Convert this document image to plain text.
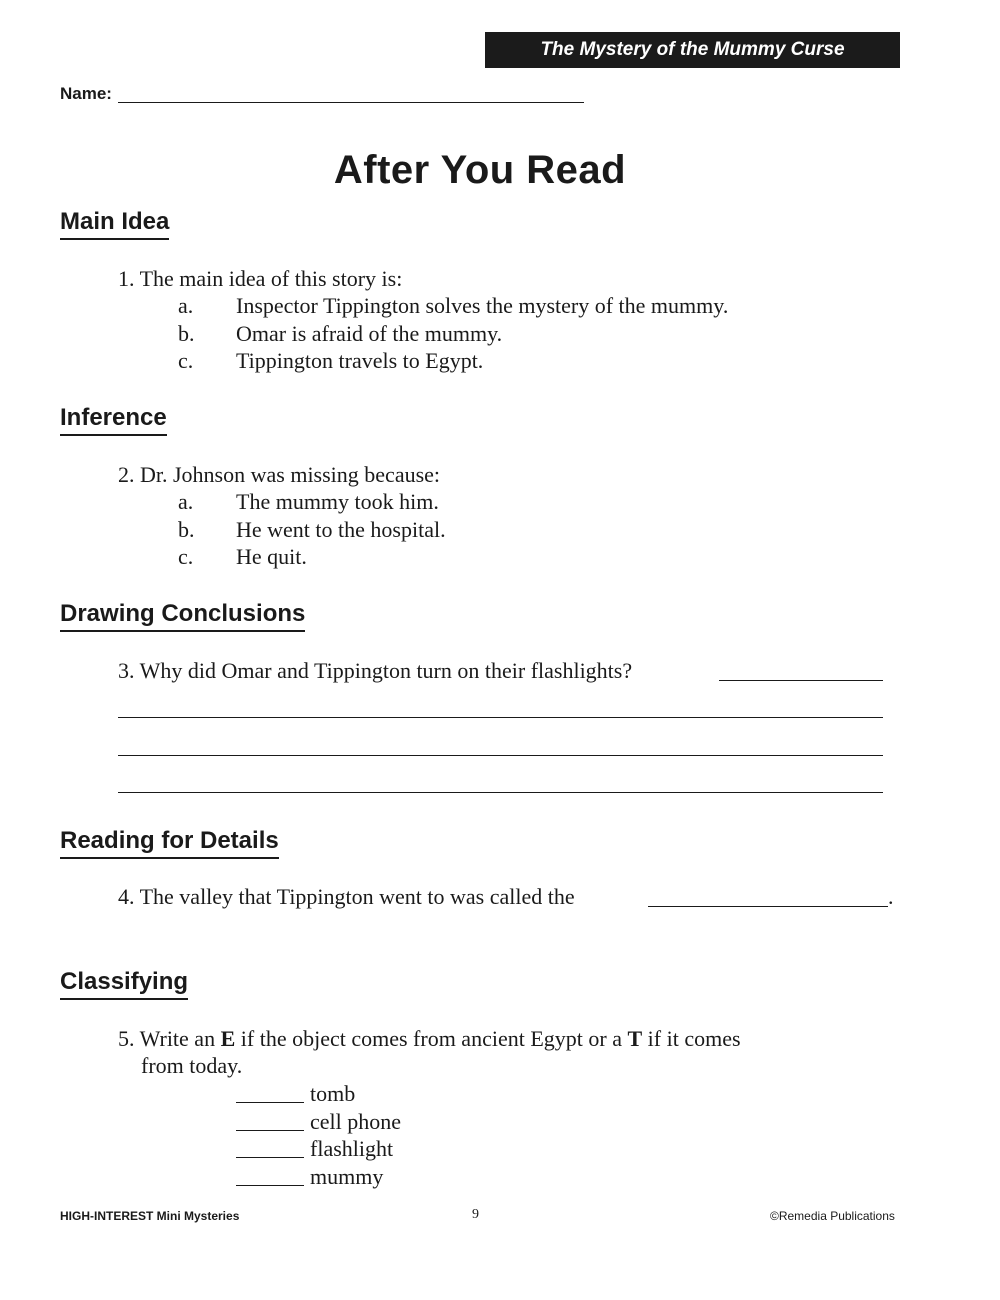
The Mystery of the Mummy Curse
Name:
After You Read
Main Idea
1. The main idea of this story is:
a. Inspector Tippington solves the mystery of the mummy.
b. Omar is afraid of the mummy.
c. Tippington travels to Egypt.
Inference
2. Dr. Johnson was missing because:
a. The mummy took him.
b. He went to the hospital.
c. He quit.
Drawing Conclusions
3. Why did Omar and Tippington turn on their flashlights?
Reading for Details
4. The valley that Tippington went to was called the	.
Classifying
5. Write an E if the object comes from ancient Egypt or a T if it comes
from today.
tomb
cell phone
flashlight
mummy
HIGH-INTEREST Mini Mysteries	9	©Remedia Publications
